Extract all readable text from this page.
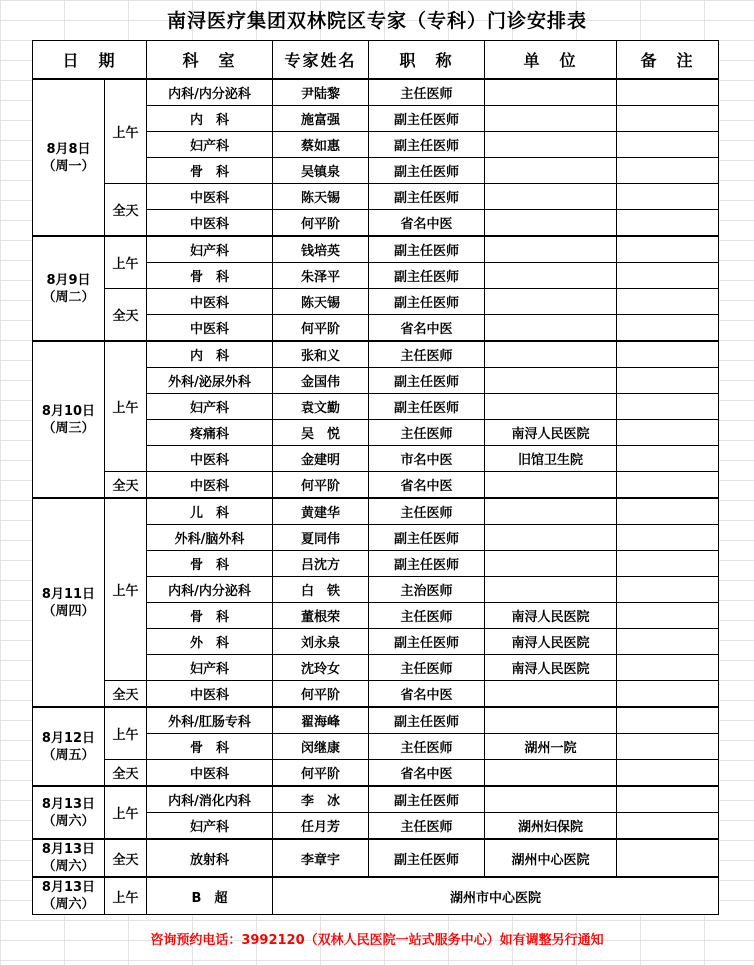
南浔医疗集团双林院区专家（专科）门诊安排表
日　期		科　室	专家姓名	职　称	单　位	备　注

8月8日
（周一）	上午	内科/内分泌科	尹陆黎	主任医师		
		内　科	施富强	副主任医师		
		妇产科	蔡如惠	副主任医师		
		骨　科	吴镇泉	副主任医师		
	全天	中医科	陈天锡	副主任医师		
		中医科	何平阶	省名中医		

8月9日
（周二）	上午	妇产科	钱培英	副主任医师		
		骨　科	朱泽平	副主任医师		
	全天	中医科	陈天锡	副主任医师		
		中医科	何平阶	省名中医		

8月10日
（周三）	上午	内　科	张和义	主任医师		
		外科/泌尿外科	金国伟	副主任医师		
		妇产科	袁文勤	副主任医师		
		疼痛科	吴　悦	主任医师	南浔人民医院	
		中医科	金建明	市名中医	旧馆卫生院	
	全天	中医科	何平阶	省名中医		

8月11日
（周四）	上午	儿　科	黄建华	主任医师		
		外科/脑外科	夏同伟	副主任医师		
		骨　科	吕沈方	副主任医师		
		内科/内分泌科	白　铁	主治医师		
		骨　科	董根荣	主任医师	南浔人民医院	
		外　科	刘永泉	副主任医师	南浔人民医院	
		妇产科	沈玲女	主任医师	南浔人民医院	
	全天	中医科	何平阶	省名中医		

8月12日
（周五）	上午	外科/肛肠专科	翟海峰	副主任医师		
		骨　科	闵继康	主任医师	湖州一院	
	全天	中医科	何平阶	省名中医		

8月13日
（周六）	上午	内科/消化内科	李　冰	副主任医师		
		妇产科	任月芳	主任医师	湖州妇保院	

8月13日
（周六）	全天	放射科	李章宇	副主任医师	湖州中心医院	

8月13日
（周六）	上午	B　超	湖州市中心医院			
咨询预约电话：3992120（双林人民医院一站式服务中心）如有调整另行通知
